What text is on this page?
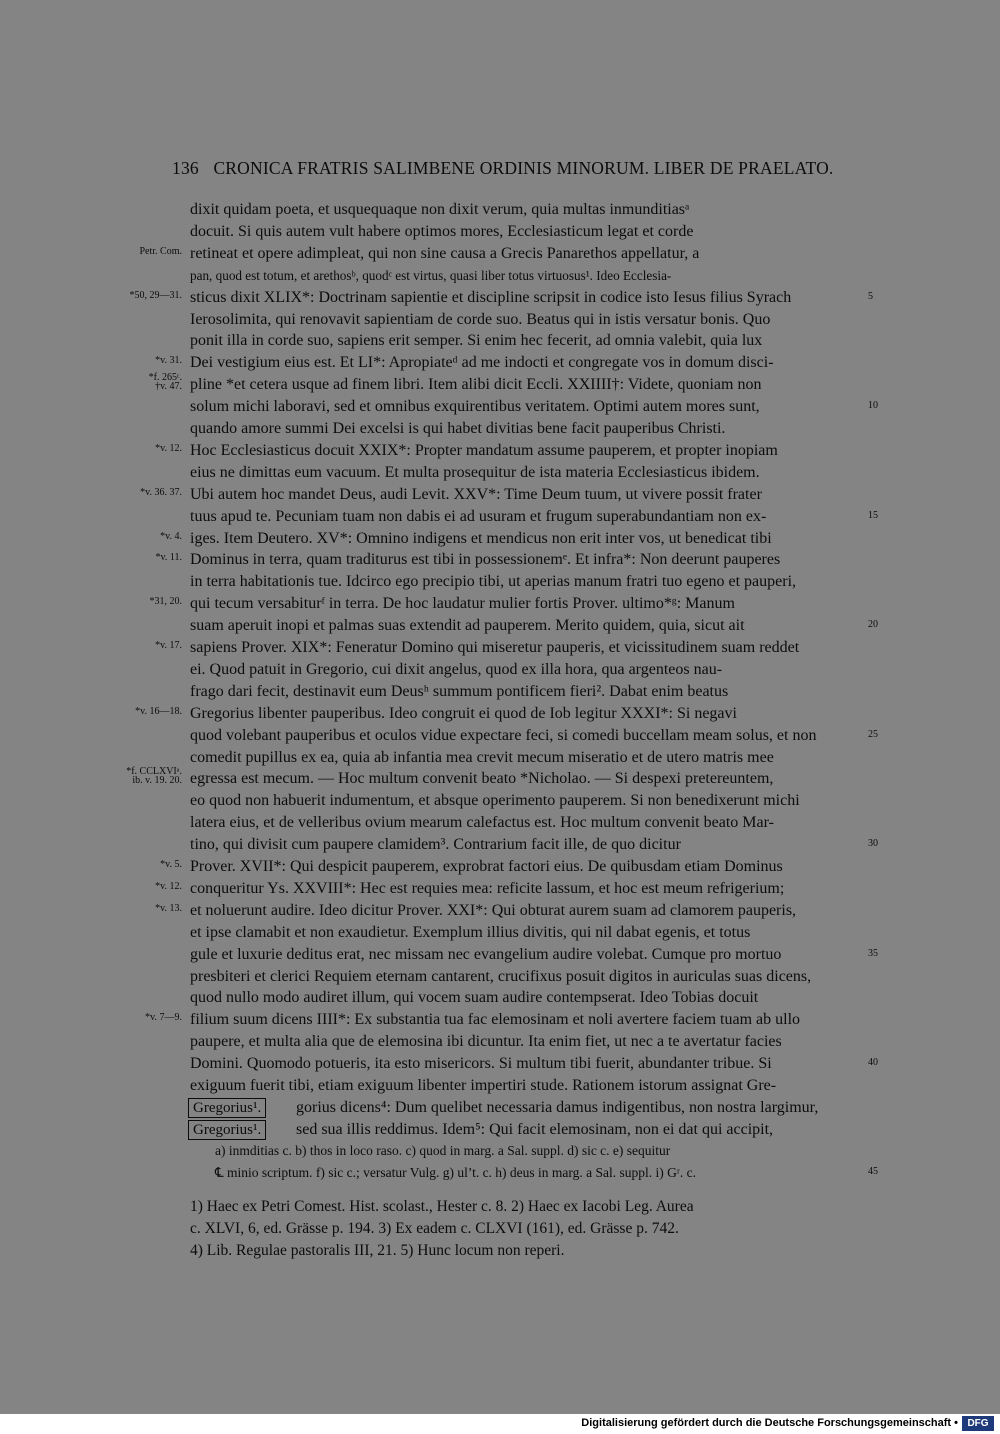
136 CRONICA FRATRIS SALIMBENE ORDINIS MINORUM. LIBER DE PRAELATO.
dixit quidam poeta, et usquequaque non dixit verum, quia multas inmunditiasᵃ
docuit. Si quis autem vult habere optimos mores, Ecclesiasticum legat et corde
Petr. Com. retineat et opere adimpleat, qui non sine causa a Grecis Panarethos appellatur, a
pan, quod est totum, et arethosᵇ, quodᶜ est virtus, quasi liber totus virtuosus¹. Ideo Ecclesia-
*50, 29—31. sticus dixit XLIX*: Doctrinam sapientie et discipline scripsit in codice isto Iesus filius Syrach	5
Ierosolimita, qui renovavit sapientiam de corde suo. Beatus qui in istis versatur bonis. Quo
ponit illa in corde suo, sapiens erit semper. Si enim hec fecerit, ad omnia valebit, quia lux
*v. 31. Dei vestigium eius est. Et LI*: Apropiateᵈ ad me indocti et congregate vos in domum disci-
*f. 265ᶜ.
†v. 47. pline *et cetera usque ad finem libri. Item alibi dicit Eccli. XXIIII†: Videte, quoniam non
solum michi laboravi, sed et omnibus exquirentibus veritatem. Optimi autem mores sunt,	10
quando amore summi Dei excelsi is qui habet divitias bene facit pauperibus Christi.
*v. 12. Hoc Ecclesiasticus docuit XXIX*: Propter mandatum assume pauperem, et propter inopiam
eius ne dimittas eum vacuum. Et multa prosequitur de ista materia Ecclesiasticus ibidem.
*v. 36. 37. Ubi autem hoc mandet Deus, audi Levit. XXV*: Time Deum tuum, ut vivere possit frater
tuus apud te. Pecuniam tuam non dabis ei ad usuram et frugum superabundantiam non ex-	15
*v. 4. iges. Item Deutero. XV*: Omnino indigens et mendicus non erit inter vos, ut benedicat tibi
*v. 11. Dominus in terra, quam traditurus est tibi in possessionemᵉ. Et infra*: Non deerunt pauperes
in terra habitationis tue. Idcirco ego precipio tibi, ut aperias manum fratri tuo egeno et pauperi,
*31, 20. qui tecum versabiturᶠ in terra. De hoc laudatur mulier fortis Prover. ultimo*ᵍ: Manum
suam aperuit inopi et palmas suas extendit ad pauperem. Merito quidem, quia, sicut ait	20
*v. 17. sapiens Prover. XIX*: Feneratur Domino qui miseretur pauperis, et vicissitudinem suam reddet
ei. Quod patuit in Gregorio, cui dixit angelus, quod ex illa hora, qua argenteos nau-
frago dari fecit, destinavit eum Deusʰ summum pontificem fieri². Dabat enim beatus
*v. 16—18. Gregorius libenter pauperibus. Ideo congruit ei quod de Iob legitur XXXI*: Si negavi
quod volebant pauperibus et oculos vidue expectare feci, si comedi buccellam meam solus, et non	25
comedit pupillus ex ea, quia ab infantia mea crevit mecum miseratio et de utero matris mee
*f. CCLXVIᵃ.
ib. v. 19. 20. egressa est mecum. — Hoc multum convenit beato *Nicholao. — Si despexi pretereuntem,
eo quod non habuerit indumentum, et absque operimento pauperem. Si non benedixerunt michi
latera eius, et de velleribus ovium mearum calefactus est. Hoc multum convenit beato Mar-
tino, qui divisit cum paupere clamidem³. Contrarium facit ille, de quo dicitur	30
*v. 5. Prover. XVII*: Qui despicit pauperem, exprobrat factori eius. De quibusdam etiam Dominus
*v. 12. conqueritur Ys. XXVIII*: Hec est requies mea: reficite lassum, et hoc est meum refrigerium;
*v. 13. et noluerunt audire. Ideo dicitur Prover. XXI*: Qui obturat aurem suam ad clamorem pauperis,
et ipse clamabit et non exaudietur. Exemplum illius divitis, qui nil dabat egenis, et totus
gule et luxurie deditus erat, nec missam nec evangelium audire volebat. Cumque pro mortuo	35
presbiteri et clerici Requiem eternam cantarent, crucifixus posuit digitos in auriculas suas dicens,
quod nullo modo audiret illum, qui vocem suam audire contempserat. Ideo Tobias docuit
*v. 7—9. filium suum dicens IIII*: Ex substantia tua fac elemosinam et noli avertere faciem tuam ab ullo
paupere, et multa alia que de elemosina ibi dicuntur. Ita enim fiet, ut nec a te avertatur facies
Domini. Quomodo potueris, ita esto misericors. Si multum tibi fuerit, abundanter tribue. Si	40
exiguum fuerit tibi, etiam exiguum libenter impertiri stude. Rationem istorum assignat Gre-
Gregorius¹.	gorius dicens⁴: Dum quelibet necessaria damus indigentibus, non nostra largimur,
Gregorius¹.	sed sua illis reddimus. Idem⁵: Qui facit elemosinam, non ei dat qui accipit,
a) inmditias c. b) thos in loco raso. c) quod in marg. a Sal. suppl. d) sic c. e) sequitur
℄ minio scriptum. f) sic c.; versatur Vulg. g) ul’t. c. h) deus in marg. a Sal. suppl. i) Gʳ. c.	45
1) Haec ex Petri Comest. Hist. scolast., Hester c. 8. 2) Haec ex Iacobi Leg. Aurea
c. XLVI, 6, ed. Grässe p. 194. 3) Ex eadem c. CLXVI (161), ed. Grässe p. 742.
4) Lib. Regulae pastoralis III, 21. 5) Hunc locum non reperi.
Digitalisierung gefördert durch die Deutsche Forschungsgemeinschaft • DFG
